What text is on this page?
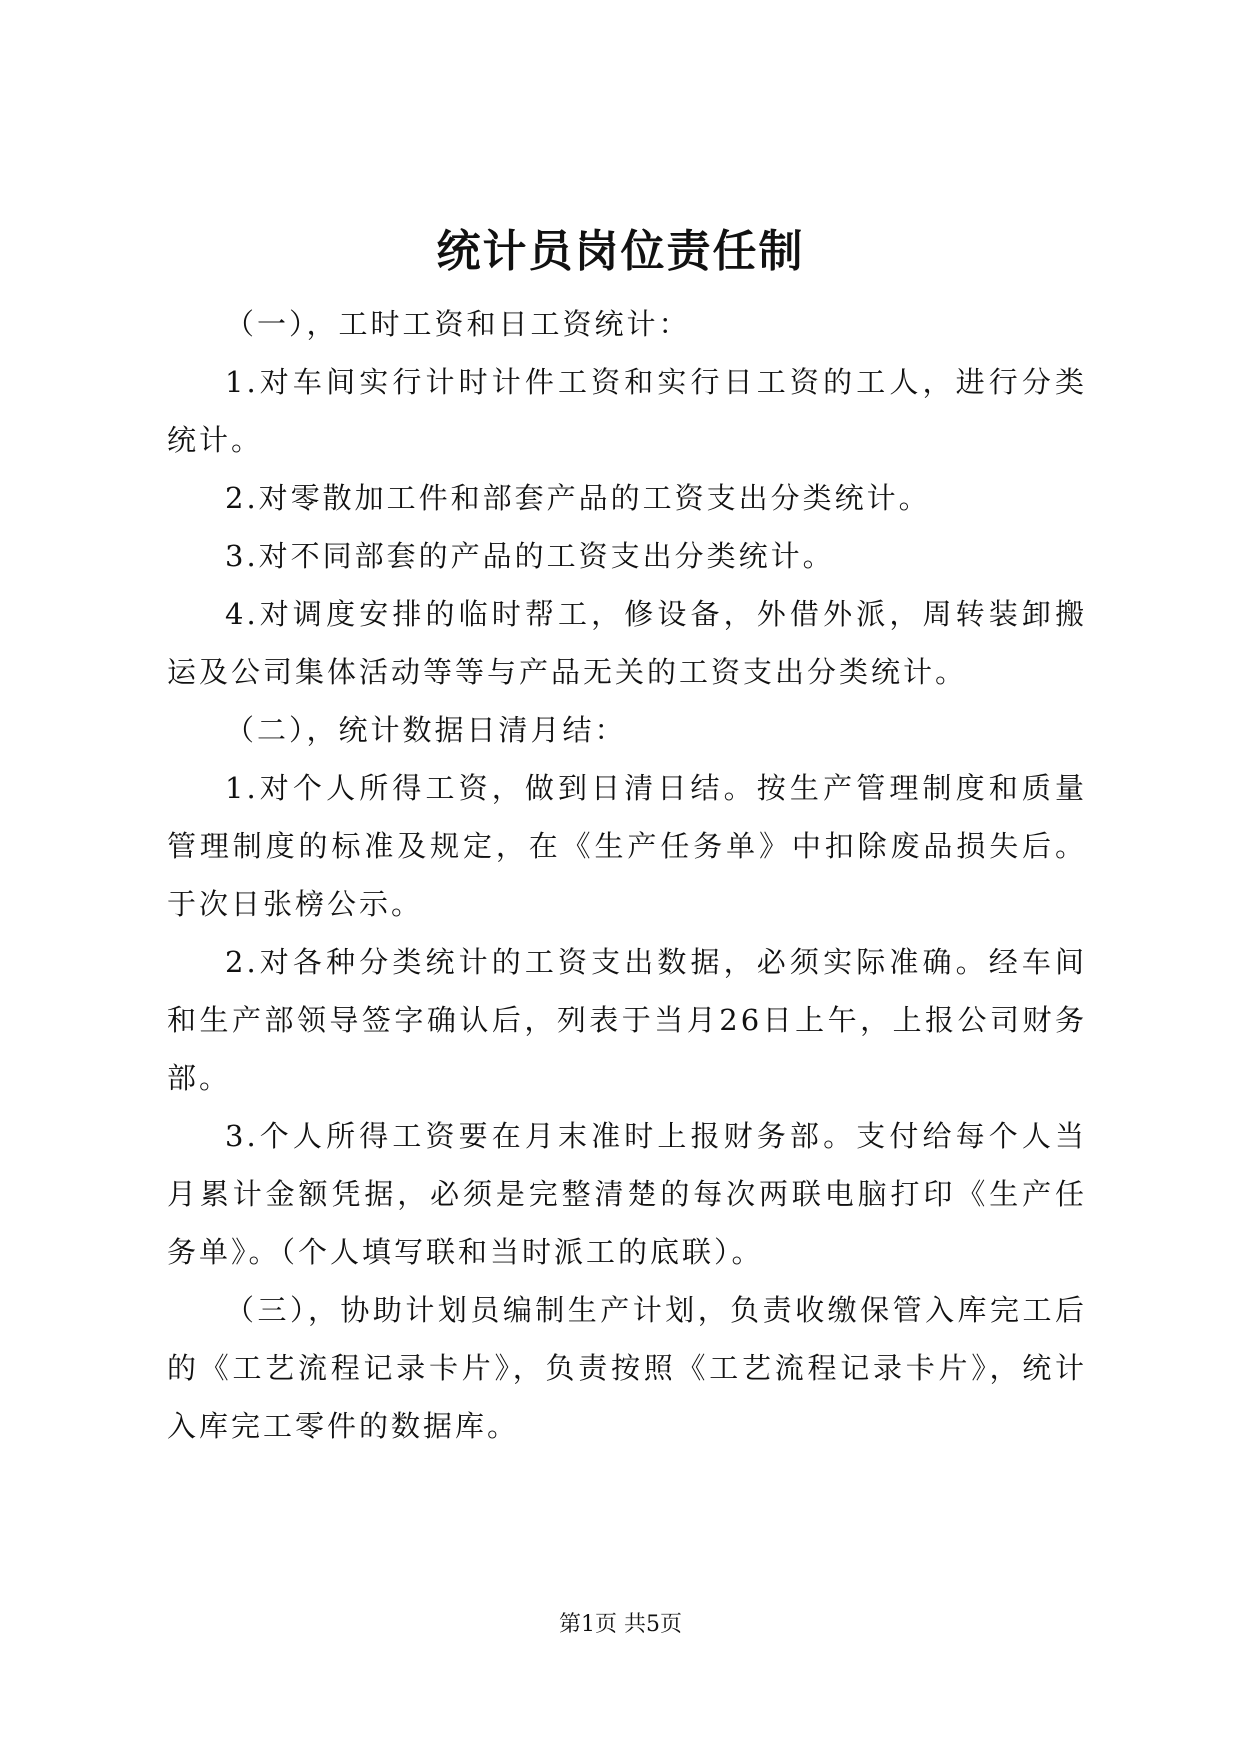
统计员岗位责任制

（一），工时工资和日工资统计：

1.对车间实行计时计件工资和实行日工资的工人，进行分类统计。

2.对零散加工件和部套产品的工资支出分类统计。

3.对不同部套的产品的工资支出分类统计。

4.对调度安排的临时帮工，修设备，外借外派，周转装卸搬运及公司集体活动等等与产品无关的工资支出分类统计。

（二），统计数据日清月结：

1.对个人所得工资，做到日清日结。按生产管理制度和质量管理制度的标准及规定，在《生产任务单》中扣除废品损失后。于次日张榜公示。

2.对各种分类统计的工资支出数据，必须实际准确。经车间和生产部领导签字确认后，列表于当月26日上午，上报公司财务部。

3.个人所得工资要在月末准时上报财务部。支付给每个人当月累计金额凭据，必须是完整清楚的每次两联电脑打印《生产任务单》。（个人填写联和当时派工的底联）。

（三），协助计划员编制生产计划，负责收缴保管入库完工后的《工艺流程记录卡片》，负责按照《工艺流程记录卡片》，统计入库完工零件的数据库。

第1页 共5页
